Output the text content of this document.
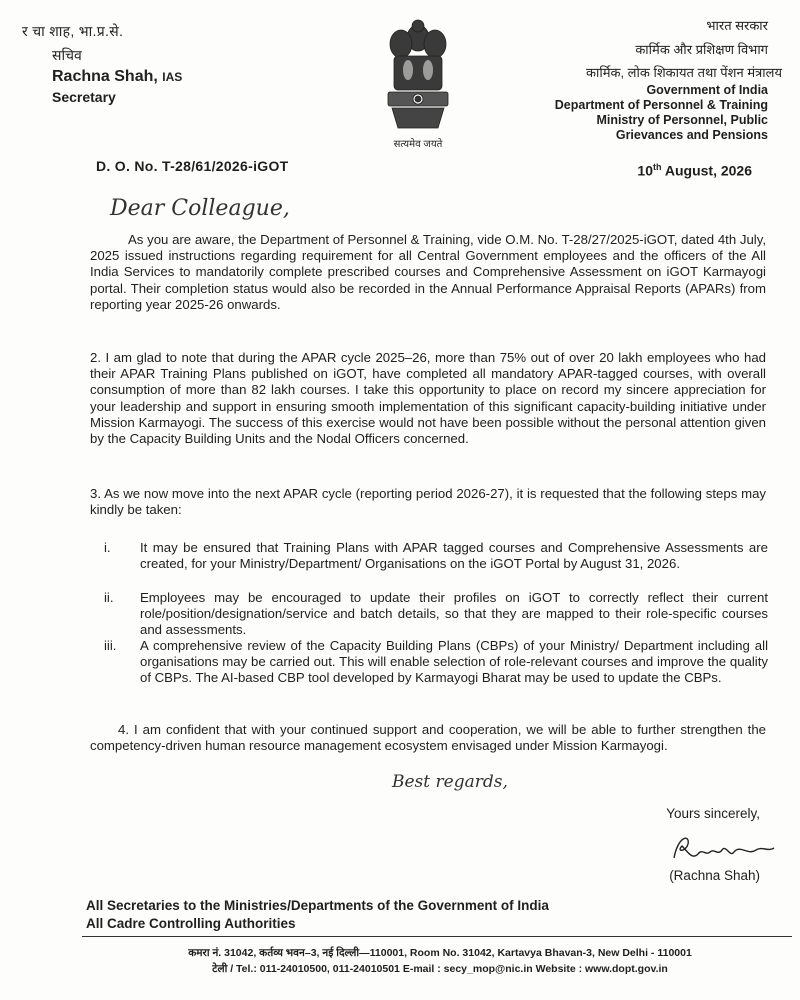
र चा शाह, भा.प्र.से.
सचिव
Rachna Shah, IAS
Secretary
सत्यमेव जयते
भारत सरकार
कार्मिक और प्रशिक्षण विभाग
कार्मिक, लोक शिकायत तथा पेंशन मंत्रालय
Government of India
Department of Personnel & Training
Ministry of Personnel, Public
Grievances and Pensions
D. O. No. T-28/61/2026-iGOT	10th August, 2026
Dear Colleague,
As you are aware, the Department of Personnel & Training, vide O.M. No. T-28/27/2025-iGOT, dated 4th July, 2025 issued instructions regarding requirement for all Central Government employees and the officers of the All India Services to mandatorily complete prescribed courses and Comprehensive Assessment on iGOT Karmayogi portal. Their completion status would also be recorded in the Annual Performance Appraisal Reports (APARs) from reporting year 2025-26 onwards.
2. I am glad to note that during the APAR cycle 2025–26, more than 75% out of over 20 lakh employees who had their APAR Training Plans published on iGOT, have completed all mandatory APAR-tagged courses, with overall consumption of more than 82 lakh courses. I take this opportunity to place on record my sincere appreciation for your leadership and support in ensuring smooth implementation of this significant capacity-building initiative under Mission Karmayogi. The success of this exercise would not have been possible without the personal attention given by the Capacity Building Units and the Nodal Officers concerned.
3. As we now move into the next APAR cycle (reporting period 2026-27), it is requested that the following steps may kindly be taken:
i.	It may be ensured that Training Plans with APAR tagged courses and Comprehensive Assessments are created, for your Ministry/Department/ Organisations on the iGOT Portal by August 31, 2026.
ii.	Employees may be encouraged to update their profiles on iGOT to correctly reflect their current role/position/designation/service and batch details, so that they are mapped to their role-specific courses and assessments.
iii.	A comprehensive review of the Capacity Building Plans (CBPs) of your Ministry/ Department including all organisations may be carried out. This will enable selection of role-relevant courses and improve the quality of CBPs. The AI-based CBP tool developed by Karmayogi Bharat may be used to update the CBPs.
4. I am confident that with your continued support and cooperation, we will be able to further strengthen the competency-driven human resource management ecosystem envisaged under Mission Karmayogi.
Best regards,
Yours sincerely,
(Rachna Shah)
All Secretaries to the Ministries/Departments of the Government of India
All Cadre Controlling Authorities
कमरा नं. 31042, कर्तव्य भवन–3, नई दिल्ली—110001, Room No. 31042, Kartavya Bhavan-3, New Delhi - 110001
टेली / Tel.: 011-24010500, 011-24010501 E-mail : secy_mop@nic.in Website : www.dopt.gov.in
